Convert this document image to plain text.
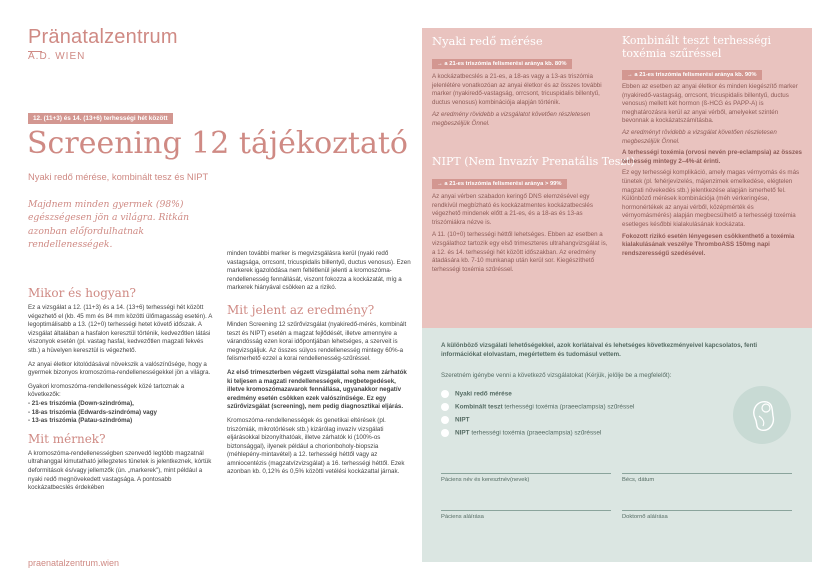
Pränatalzentrum
A.D. WIEN
12. (11+3) és 14. (13+6) terhességi hét között
Screening 12 tájékoztató
Nyaki redő mérése, kombinált tesz és NIPT
Majdnem minden gyermek (98%) egészségesen jön a világra. Ritkán azonban előfordulhatnak rendellenességek.
Mikor és hogyan?

Ez a vizsgálat a 12. (11+3) és a 14. (13+6) terhességi hét között végezhető el (kb. 45 mm és 84 mm közötti ülőmagasság esetén). A legoptimálisabb a 13. (12+0) terhességi hetet követő időszak. A vizsgálat általában a hasfalon keresztül történik, kedvezőtlen látási viszonyok esetén (pl. vastag hasfal, kedvezőtlen magzati fekvés stb.) a hüvelyen keresztül is végezhető.

Az anyai életkor kitolódásával növekszik a valószínűsége, hogy a gyermek bizonyos kromoszóma-rendellenességekkel jön a világra.

Gyakori kromoszóma-rendellenességek közé tartoznak a következők:

- 21-es triszómia (Down-szindróma),

- 18-as triszómia (Edwards-szindróma) vagy

- 13-as triszómia (Patau-szindróma)

Mit mérnek?

A kromoszóma-rendellenességben szenvedő legtöbb magzatnál ultrahanggal kimutatható jellegzetes tünetek is jelentkeznek, kórtük deformitások és/vagy jellemzők (ún. „markerek"), mint például a nyaki redő megnövekedett vastagsága. A pontosabb kockázatbecslés érdekében

praenatalzentrum.wien

minden további marker is megvizsgálásra kerül (nyaki redő vastagsága, orrcsont, tricuspidalis billentyű, ductus venosus). Ezen markerek igazolódása nem feltétlenül jelenti a kromoszóma-rendellenesség fennállását, viszont fokozza a kockázatát, míg a markerek hiányával csökken az a rizikó.

Mit jelent az eredmény?

Minden Screening 12 szűrővizsgálat (nyakiredő-mérés, kombinált teszt és NIPT) esetén a magzat fejlődését, illetve amennyire a várandósság ezen korai időpontjában lehetséges, a szerveit is megvizsgáljuk. Az összes súlyos rendellenesség mintegy 60%-a felismerhető ezzel a korai rendellenesség-szűréssel.

Az első trimeszterben végzett vizsgálattal soha nem zárhatók ki teljesen a magzati rendellenességek, megbetegedések, illetve kromoszómazavarok fennállása, ugyanakkor negatív eredmény esetén csökken ezek valószínűsége. Ez egy szűrővizsgálat (screening), nem pedig diagnosztikai eljárás.

Kromoszóma-rendellenességek és genetikai eltérések (pl. triszómiák, mikrotörlések stb.) kizárólag invazív vizsgálati eljárásokkal bizonyíthatóak, illetve zárhatók ki (100%-os biztonsággal), ilyenek például a chorionboholy-biopszia (méhlepény-mintavétel) a 12. terhességi héttől vagy az amniocentézis (magzatvízvizsgálat) a 16. terhességi héttől. Ezek azonban kb. 0,12% és 0,5% közötti vetélési kockázattal járnak.

Nyaki redő mérése
→ a 21-es triszómia felismerési aránya kb. 80%

A kockázatbecslés a 21-es, a 18-as vagy a 13-as triszómia jelenlétére vonatkozóan az anyai életkor és az összes további marker (nyakiredő-vastagság, orrcsont, tricuspidalis billentyű, ductus venosus) kombinációja alapján történik.

Az eredmény rövidebb a vizsgálatot követően részletesen megbeszéljük Önnel.

NIPT (Nem Invazív Prenatális Teszt)
→ a 21-es triszómia felismerési aránya > 99%

Az anyai vérben szabadon keringő DNS elemzésével egy rendkívül megbízható és kockázatmentes kockázatbecslés végezhető mindenek előtt a 21-es, és a 18-as és 13-as triszómiákra nézve is.

A 11. (10+0) terhességi héttől lehetséges. Ebben az esetben a vizsgálathoz tartozik egy első trimeszteres ultrahangvizsgálat is, a 12. és 14. terhességi hét között időszakban. Az eredmény átadására kb. 7-10 munkanap után kerül sor. Kiegészíthető terhességi toxémia szűréssel.

Kombinált teszt terhességi toxémia szűréssel
→ a 21-es triszómia felismerési aránya kb. 90%

Ebben az esetben az anyai életkor és minden kiegészítő marker (nyakiredő-vastagság, orrcsont, tricuspidalis billentyű, ductus venosus) mellett két hormon (ß-HCG és PAPP-A) is meghatározásra kerül az anyai vérből, amelyeket szintén bevonnak a kockázatszámításba.

Az eredményt rövidebb a vizsgálat követően részletesen megbeszéljük Önnel.

A terhességi toxémia (orvosi nevén pre-eclampsia) az összes terhesség mintegy 2–4%-át érinti.

Ez egy terhességi komplikáció, amely magas vérnyomás és más tünetek (pl. fehérjevizelés, májenzimek emelkedése, elégtelen magzati növekedés stb.) jelentkezése alapján ismerhető fel. Különböző mérések kombinációja (méh vérkeringése, hormonértékek az anyai vérből, középmérték és vérnyomásmérés) alapján megbecsülhető a terhességi toxémia esetleges későbbi kialakulásának kockázata.

Fokozott rizikó esetén lényegesen csökkenthető a toxémia kialakulásának veszélye ThromboASS 150mg napi rendszerességű szedésével.

A különböző vizsgálati lehetőségekkel, azok korlátaival és lehetséges következményeivel kapcsolatos, fenti információkat elolvastam, megértettem és tudomásul vettem.

Szeretném igénybe venni a következő vizsgálatokat (Kérjük, jelölje be a megfelelőt):

Nyaki redő mérése
Kombinált teszt terhességi toxémia (praeeclampsia) szűréssel
NIPT
NIPT terhességi toxémia (praeeclampsia) szűréssel
Páciens név és keresztnév(nevek)	Bécs, dátum
Páciens aláírása	Doktornő aláírása
